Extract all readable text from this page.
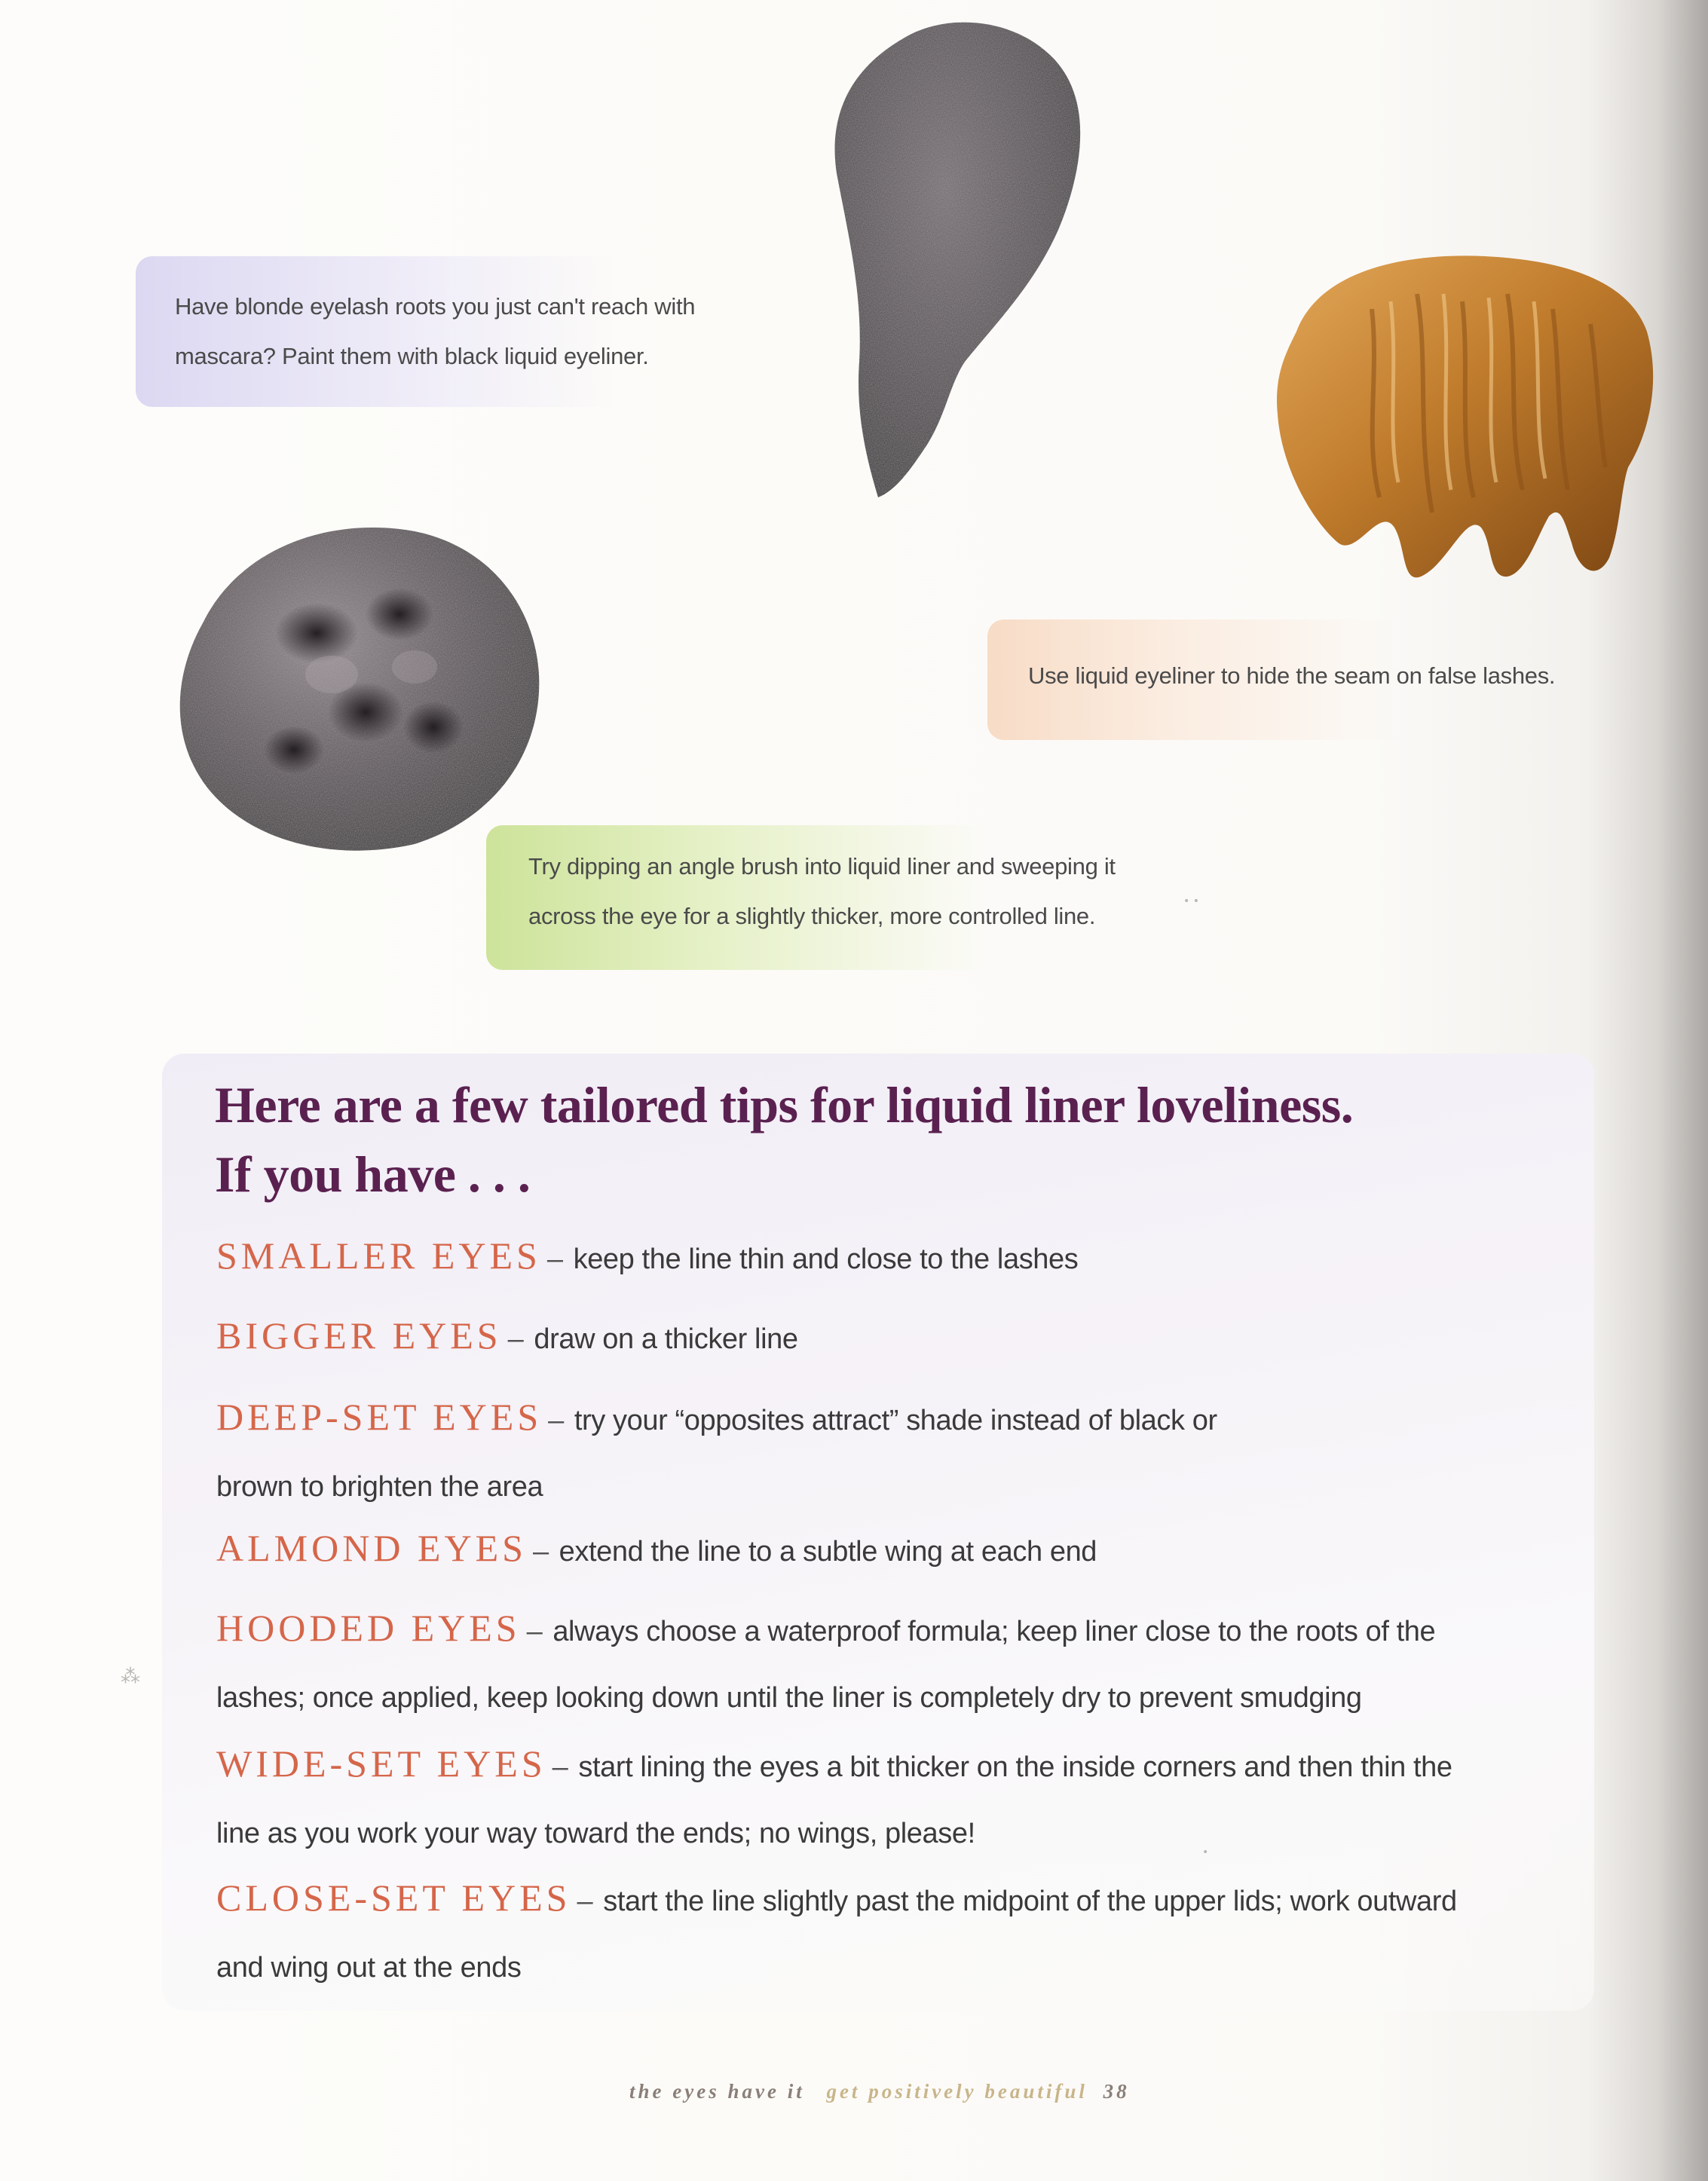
Have blonde eyelash roots you just can't reach with

mascara? Paint them with black liquid eyeliner.

Use liquid eyeliner to hide the seam on false lashes.

Try dipping an angle brush into liquid liner and sweeping it

across the eye for a slightly thicker, more controlled line.

Here are a few tailored tips for liquid liner loveliness.
If you have . . .
SMALLER EYES – keep the line thin and close to the lashes
BIGGER EYES – draw on a thicker line
DEEP-SET EYES – try your “opposites attract” shade instead of black or
brown to brighten the area
ALMOND EYES – extend the line to a subtle wing at each end
HOODED EYES – always choose a waterproof formula; keep liner close to the roots of the
lashes; once applied, keep looking down until the liner is completely dry to prevent smudging
WIDE-SET EYES – start lining the eyes a bit thicker on the inside corners and then thin the
line as you work your way toward the ends; no wings, please!
CLOSE-SET EYES – start the line slightly past the midpoint of the upper lids; work outward
and wing out at the ends
the eyes have it get positively beautiful 38
⁂
•
• •
